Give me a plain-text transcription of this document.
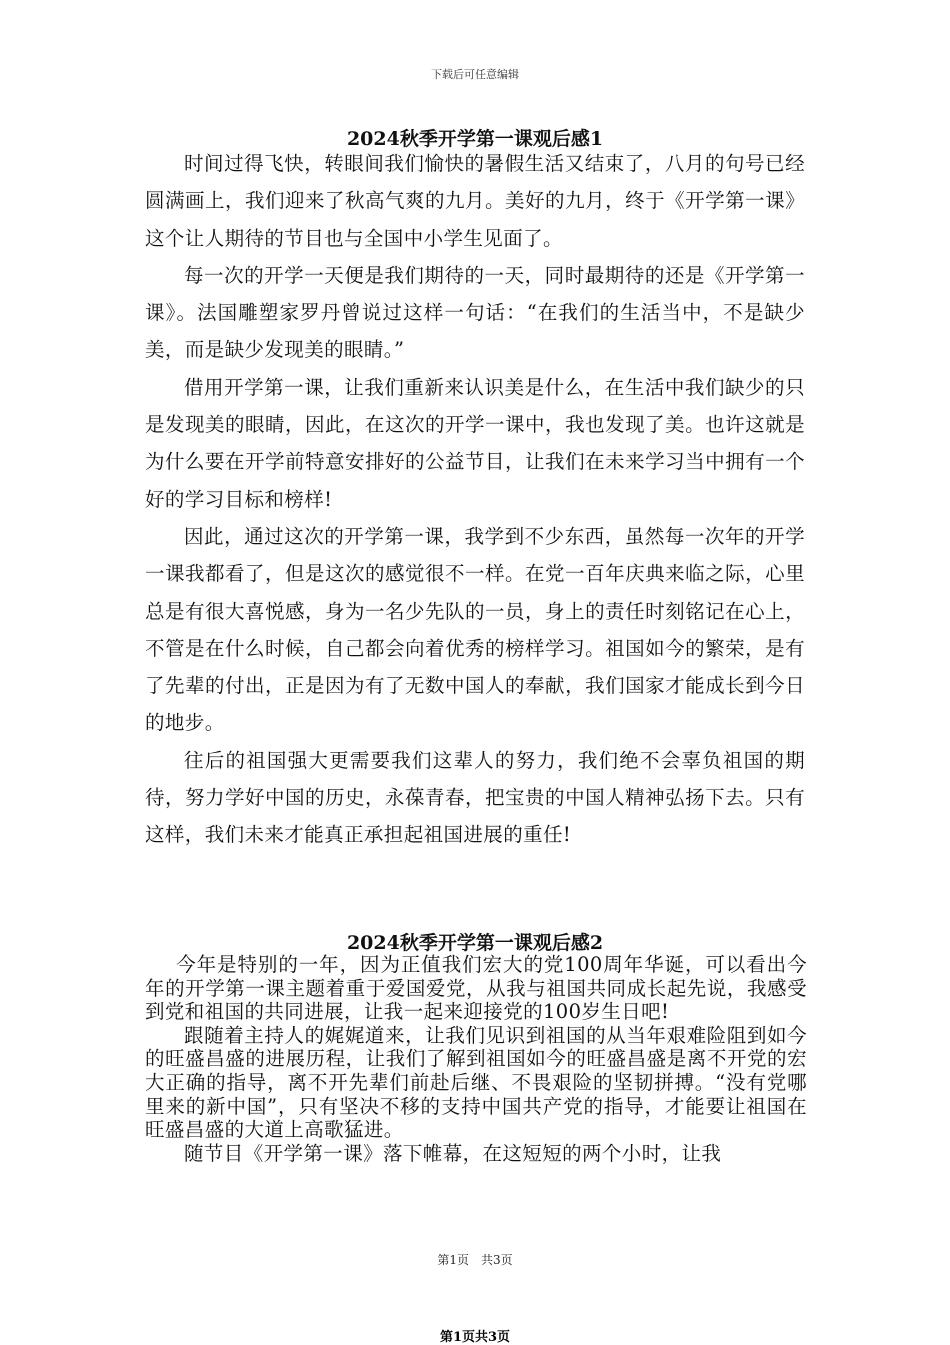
下载后可任意编辑
2024秋季开学第一课观后感1

时间过得飞快，转眼间我们愉快的暑假生活又结束了，八月的句号已经圆满画上，我们迎来了秋高气爽的九月。美好的九月，终于《开学第一课》这个让人期待的节目也与全国中小学生见面了。

每一次的开学一天便是我们期待的一天，同时最期待的还是《开学第一课》。法国雕塑家罗丹曾说过这样一句话：“在我们的生活当中，不是缺少美，而是缺少发现美的眼睛。”

借用开学第一课，让我们重新来认识美是什么，在生活中我们缺少的只是发现美的眼睛，因此，在这次的开学一课中，我也发现了美。也许这就是为什么要在开学前特意安排好的公益节目，让我们在未来学习当中拥有一个好的学习目标和榜样!

因此，通过这次的开学第一课，我学到不少东西，虽然每一次年的开学一课我都看了，但是这次的感觉很不一样。在党一百年庆典来临之际，心里总是有很大喜悦感，身为一名少先队的一员，身上的责任时刻铭记在心上，不管是在什么时候，自己都会向着优秀的榜样学习。祖国如今的繁荣，是有了先辈的付出，正是因为有了无数中国人的奉献，我们国家才能成长到今日的地步。

往后的祖国强大更需要我们这辈人的努力，我们绝不会辜负祖国的期待，努力学好中国的历史，永葆青春，把宝贵的中国人精神弘扬下去。只有这样，我们未来才能真正承担起祖国进展的重任!

2024秋季开学第一课观后感2

今年是特别的一年，因为正值我们宏大的党100周年华诞，可以看出今年的开学第一课主题着重于爱国爱党，从我与祖国共同成长起先说，我感受到党和祖国的共同进展，让我一起来迎接党的100岁生日吧!

跟随着主持人的娓娓道来，让我们见识到祖国的从当年艰难险阻到如今的旺盛昌盛的进展历程，让我们了解到祖国如今的旺盛昌盛是离不开党的宏大正确的指导，离不开先辈们前赴后继、不畏艰险的坚韧拼搏。“没有党哪里来的新中国”，只有坚决不移的支持中国共产党的指导，才能要让祖国在旺盛昌盛的大道上高歌猛进。

随节目《开学第一课》落下帷幕，在这短短的两个小时，让我

第1页　共3页
第1页共3页
